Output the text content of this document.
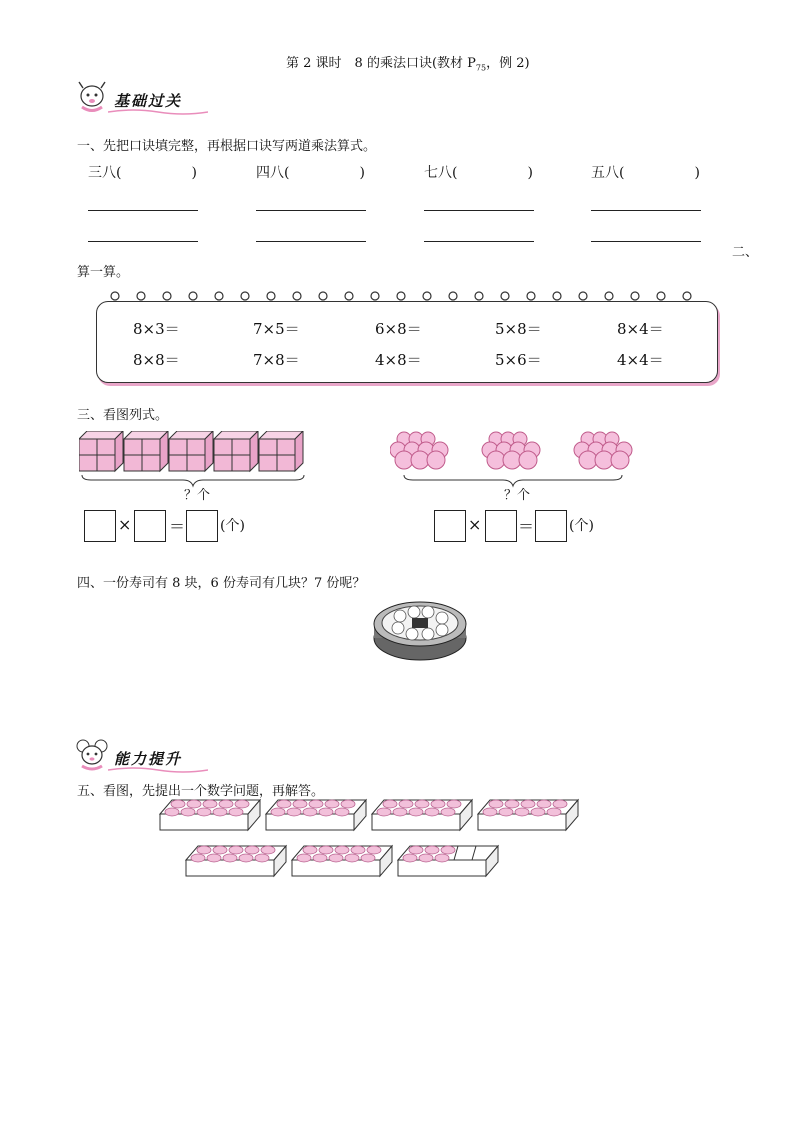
第 2 课时　8 的乘法口诀(教材 $P_{75}$，例 2)
基础过关
一、先把口诀填完整，再根据口诀写两道乘法算式。
三八(　　　　　)	四八(　　　　　)	七八(　　　　　)	五八(　　　　　)
二、
算一算。
8×3＝	7×5＝	6×8＝	5×8＝	8×4＝
8×8＝	7×8＝	4×8＝	5×6＝	4×4＝
三、看图列式。
？个
× ＝ (个)
？个
× ＝ (个)
四、一份寿司有 8 块，6 份寿司有几块？7 份呢？
能力提升
五、看图，先提出一个数学问题，再解答。
